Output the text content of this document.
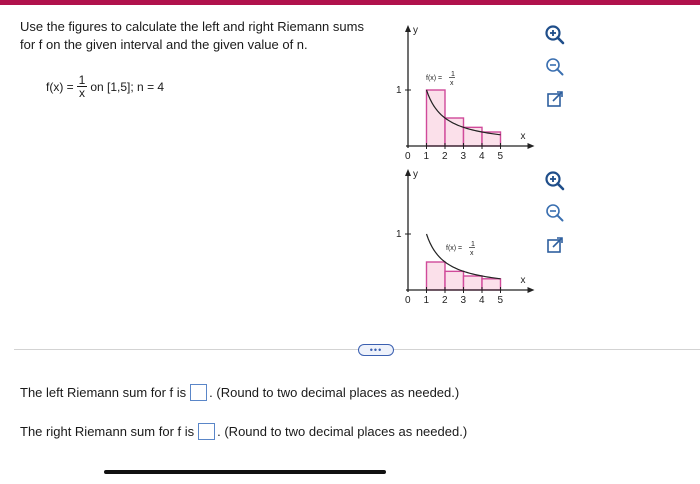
Use the figures to calculate the left and right Riemann sums for f on the given interval and the given value of n.
$f(x) = \frac{1}{x}$ on [1,5]; n = 4
y
x
1
0 1 2 3 4 5
f(x) =
1
x
y
x
1
0 1 2 3 4 5
f(x) =
1
x
•••
The left Riemann sum for f is . (Round to two decimal places as needed.)
The right Riemann sum for f is . (Round to two decimal places as needed.)
